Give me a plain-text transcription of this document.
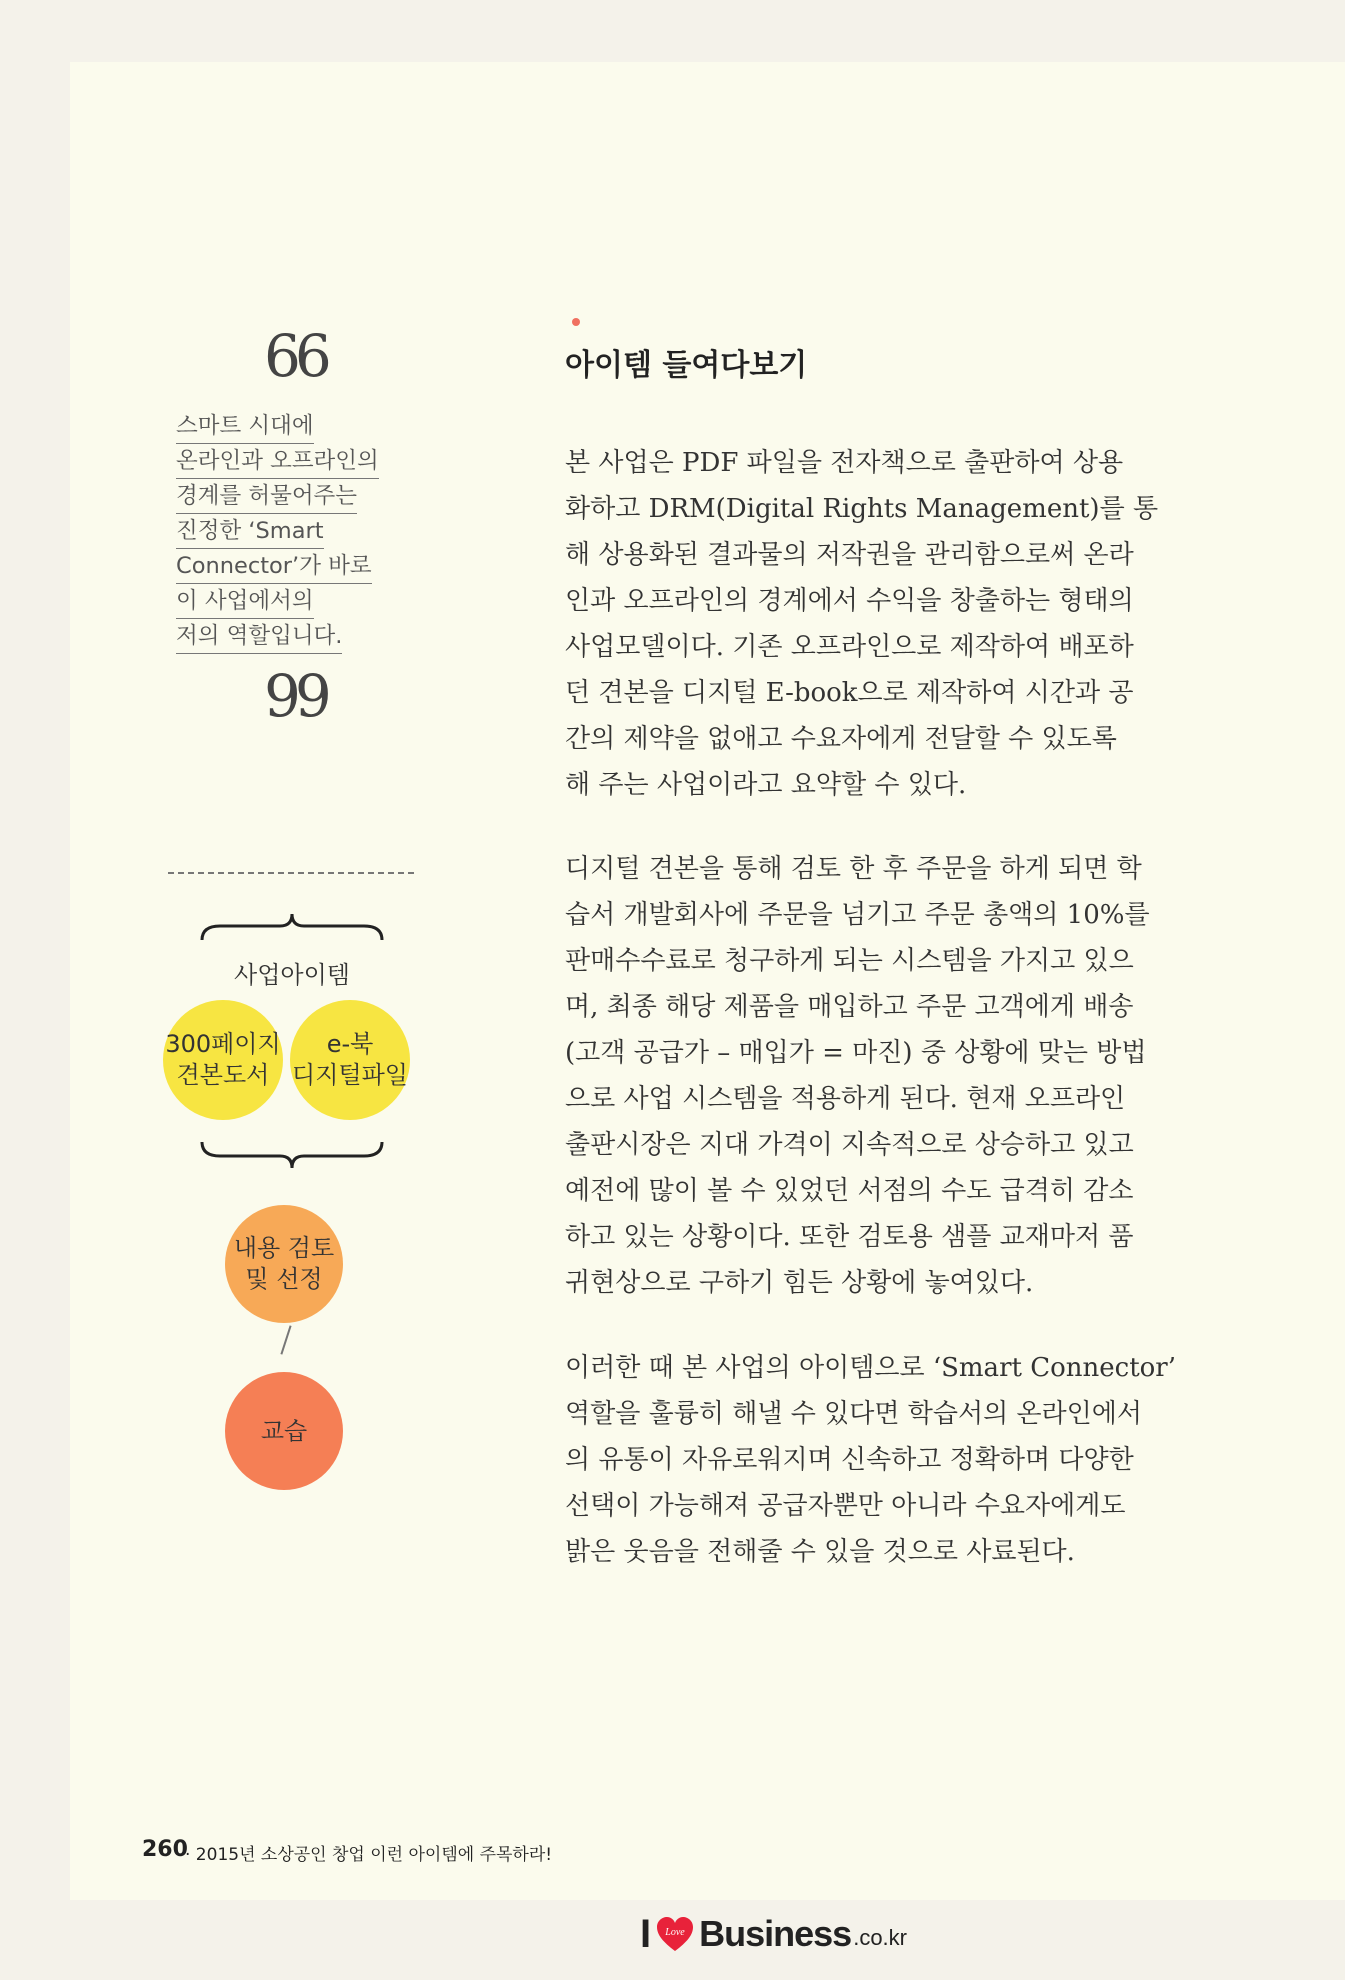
66
스마트 시대에
온라인과 오프라인의
경계를 허물어주는
진정한 ‘Smart
Connector’가 바로
이 사업에서의
저의 역할입니다.
99
사업아이템
300페이지
견본도서
e-북
디지털파일
내용 검토
및 선정
교습
아이템 들여다보기
본 사업은 PDF 파일을 전자책으로 출판하여 상용
화하고 DRM(Digital Rights Management)를 통
해 상용화된 결과물의 저작권을 관리함으로써 온라
인과 오프라인의 경계에서 수익을 창출하는 형태의
사업모델이다. 기존 오프라인으로 제작하여 배포하
던 견본을 디지털 E-book으로 제작하여 시간과 공
간의 제약을 없애고 수요자에게 전달할 수 있도록
해 주는 사업이라고 요약할 수 있다.
디지털 견본을 통해 검토 한 후 주문을 하게 되면 학
습서 개발회사에 주문을 넘기고 주문 총액의 10%를
판매수수료로 청구하게 되는 시스템을 가지고 있으
며, 최종 해당 제품을 매입하고 주문 고객에게 배송
(고객 공급가 – 매입가 = 마진) 중 상황에 맞는 방법
으로 사업 시스템을 적용하게 된다. 현재 오프라인
출판시장은 지대 가격이 지속적으로 상승하고 있고
예전에 많이 볼 수 있었던 서점의 수도 급격히 감소
하고 있는 상황이다. 또한 검토용 샘플 교재마저 품
귀현상으로 구하기 힘든 상황에 놓여있다.
이러한 때 본 사업의 아이템으로 ‘Smart Connector’
역할을 훌륭히 해낼 수 있다면 학습서의 온라인에서
의 유통이 자유로워지며 신속하고 정확하며 다양한
선택이 가능해져 공급자뿐만 아니라 수요자에게도
밝은 웃음을 전해줄 수 있을 것으로 사료된다.
260
· 2015년 소상공인 창업 이런 아이템에 주목하라!
I Love Business .co.kr
